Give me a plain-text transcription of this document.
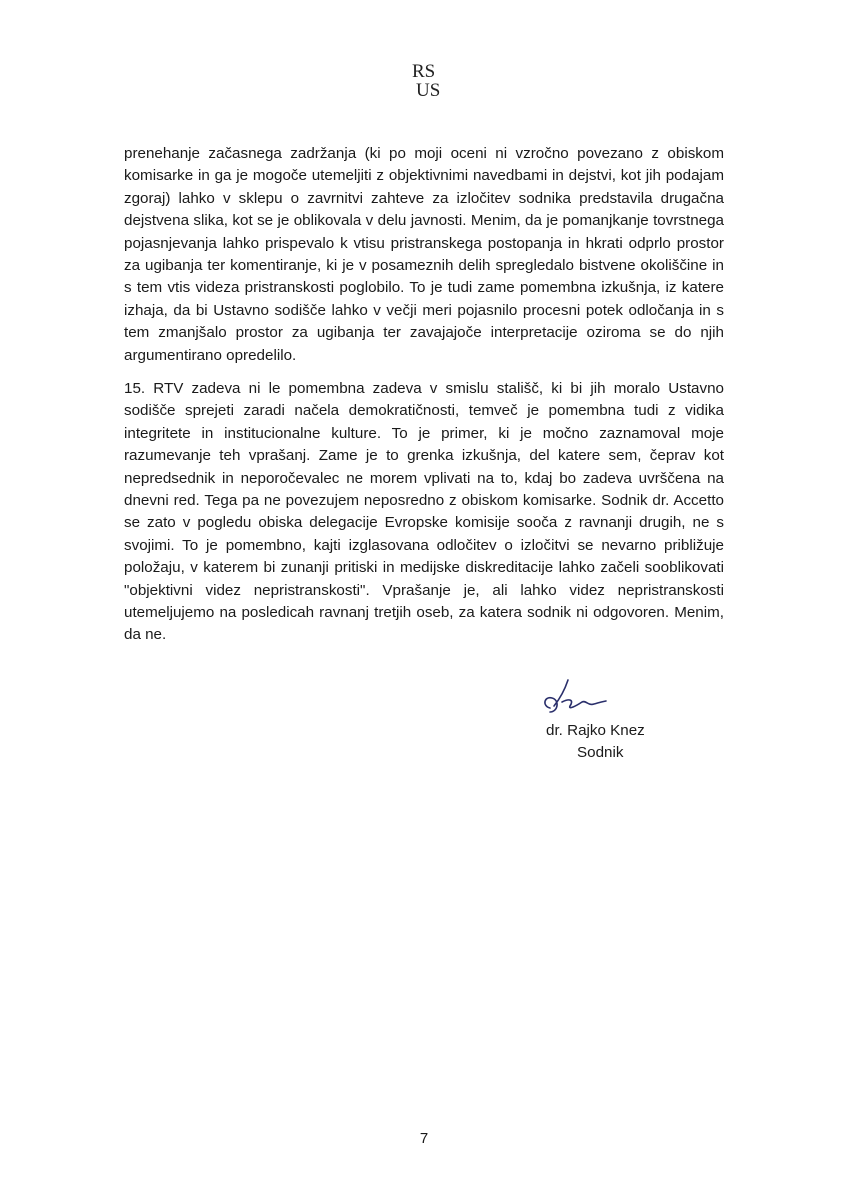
RS
US

prenehanje začasnega zadržanja (ki po moji oceni ni vzročno povezano z obiskom komisarke in ga je mogoče utemeljiti z objektivnimi navedbami in dejstvi, kot jih podajam zgoraj) lahko v sklepu o zavrnitvi zahteve za izločitev sodnika predstavila drugačna dejstvena slika, kot se je oblikovala v delu javnosti. Menim, da je pomanjkanje tovrstnega pojasnjevanja lahko prispevalo k vtisu pristranskega postopanja in hkrati odprlo prostor za ugibanja ter komentiranje, ki je v posameznih delih spregledalo bistvene okoliščine in s tem vtis videza pristranskosti poglobilo. To je tudi zame pomembna izkušnja, iz katere izhaja, da bi Ustavno sodišče lahko v večji meri pojasnilo procesni potek odločanja in s tem zmanjšalo prostor za ugibanja ter zavajajoče interpretacije oziroma se do njih argumentirano opredelilo.

15. RTV zadeva ni le pomembna zadeva v smislu stališč, ki bi jih moralo Ustavno sodišče sprejeti zaradi načela demokratičnosti, temveč je pomembna tudi z vidika integritete in institucionalne kulture. To je primer, ki je močno zaznamoval moje razumevanje teh vprašanj. Zame je to grenka izkušnja, del katere sem, čeprav kot nepredsednik in neporočevalec ne morem vplivati na to, kdaj bo zadeva uvrščena na dnevni red. Tega pa ne povezujem neposredno z obiskom komisarke. Sodnik dr. Accetto se zato v pogledu obiska delegacije Evropske komisije sooča z ravnanji drugih, ne s svojimi. To je pomembno, kajti izglasovana odločitev o izločitvi se nevarno približuje položaju, v katerem bi zunanji pritiski in medijske diskreditacije lahko začeli sooblikovati "objektivni videz nepristranskosti". Vprašanje je, ali lahko videz nepristranskosti utemeljujemo na posledicah ravnanj tretjih oseb, za katera sodnik ni odgovoren. Menim, da ne.

dr. Rajko Knez
Sodnik
7
